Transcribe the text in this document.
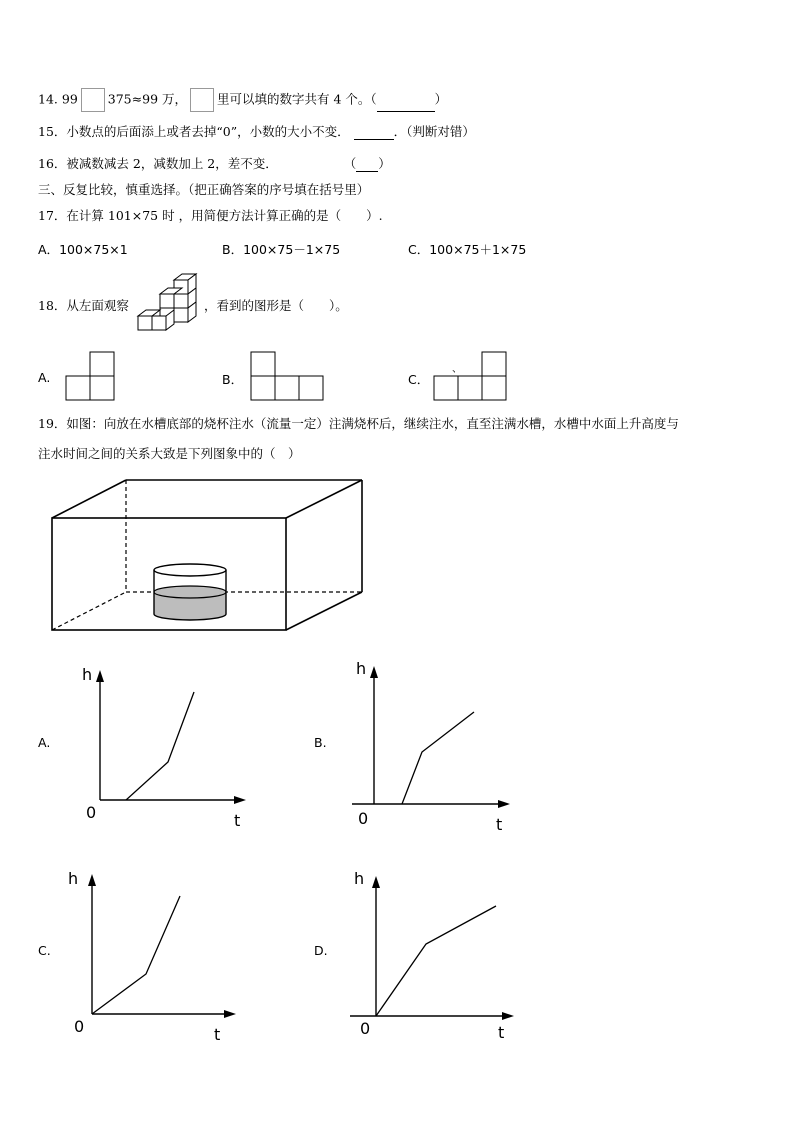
14. 99 375≈99 万， 里可以填的数字共有 4 个。（	）
15．小数点的后面添上或者去掉“0”，小数的大小不变．	．（判断对错）
16．被减数减去 2，减数加上 2，差不变．	（ ）
三、反复比较，慎重选择。（把正确答案的序号填在括号里）
17．在计算 101×75 时 ，用简便方法计算正确的是（　　）.
A．100×75×1	B．100×75－1×75	C．100×75＋1×75
18．从左面观察	，看到的图形是（　　）。
A.	B．	C．
、
19．如图：向放在水槽底部的烧杯注水（流量一定）注满烧杯后，继续注水，直至注满水槽，水槽中水面上升高度与
注水时间之间的关系大致是下列图象中的（　）
A.
h
0	t
B.
h
0	t
C.
h
0	t
D.
h
0	t
